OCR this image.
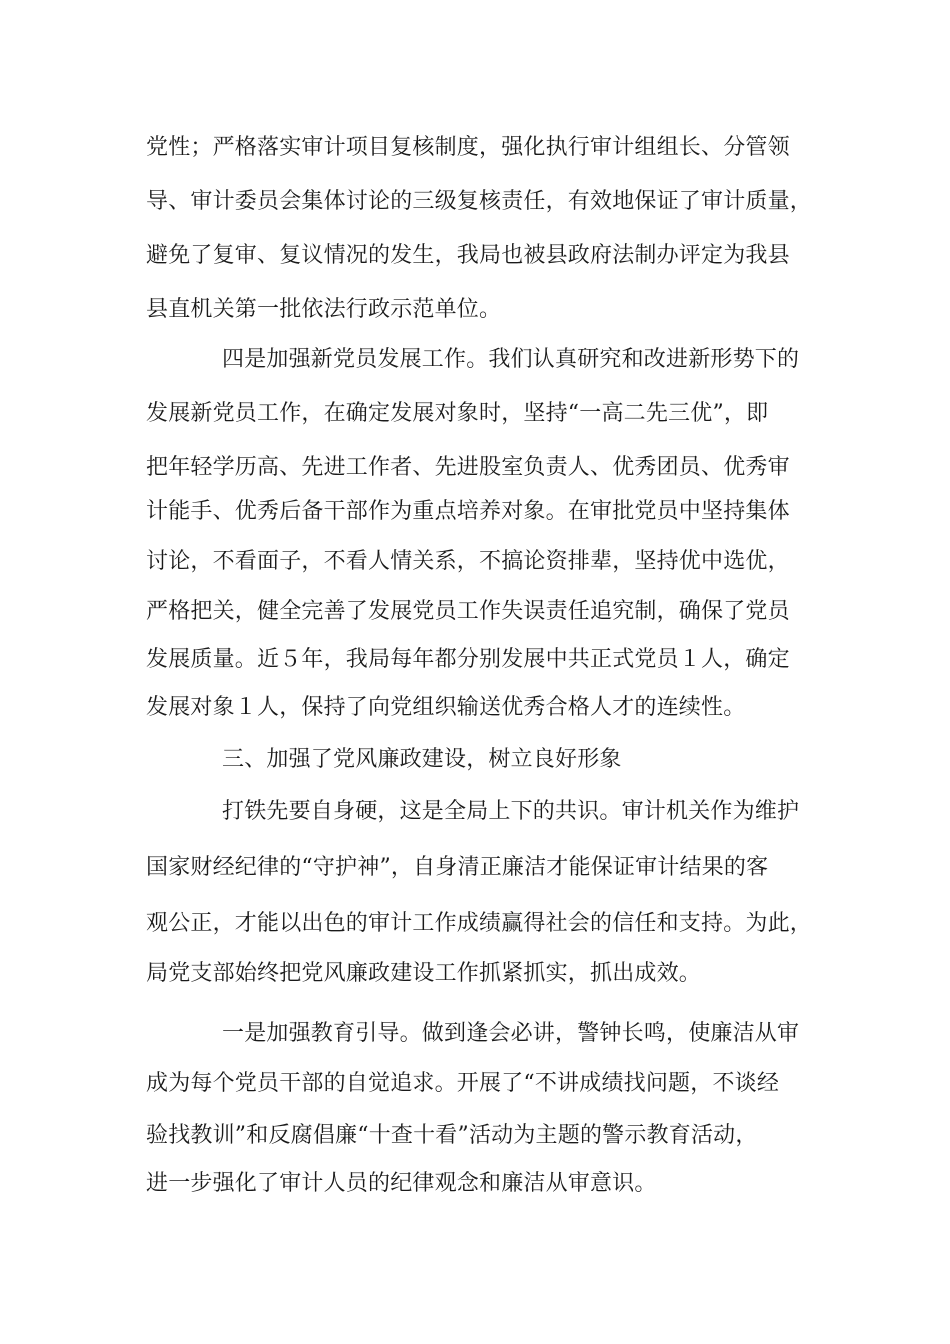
党性；严格落实审计项目复核制度，强化执行审计组组长、分管领

导、审计委员会集体讨论的三级复核责任，有效地保证了审计质量，

避免了复审、复议情况的发生，我局也被县政府法制办评定为我县

县直机关第一批依法行政示范单位。

四是加强新党员发展工作。我们认真研究和改进新形势下的

发展新党员工作，在确定发展对象时，坚持“一高二先三优”，即

把年轻学历高、先进工作者、先进股室负责人、优秀团员、优秀审

计能手、优秀后备干部作为重点培养对象。在审批党员中坚持集体

讨论，不看面子，不看人情关系，不搞论资排辈，坚持优中选优，

严格把关，健全完善了发展党员工作失误责任追究制，确保了党员

发展质量。近５年，我局每年都分别发展中共正式党员１人，确定

发展对象１人，保持了向党组织输送优秀合格人才的连续性。

三、加强了党风廉政建设，树立良好形象

打铁先要自身硬，这是全局上下的共识。审计机关作为维护

国家财经纪律的“守护神”，自身清正廉洁才能保证审计结果的客

观公正，才能以出色的审计工作成绩赢得社会的信任和支持。为此，

局党支部始终把党风廉政建设工作抓紧抓实，抓出成效。

一是加强教育引导。做到逢会必讲，警钟长鸣，使廉洁从审

成为每个党员干部的自觉追求。开展了“不讲成绩找问题，不谈经

验找教训”和反腐倡廉“十查十看”活动为主题的警示教育活动，

进一步强化了审计人员的纪律观念和廉洁从审意识。
